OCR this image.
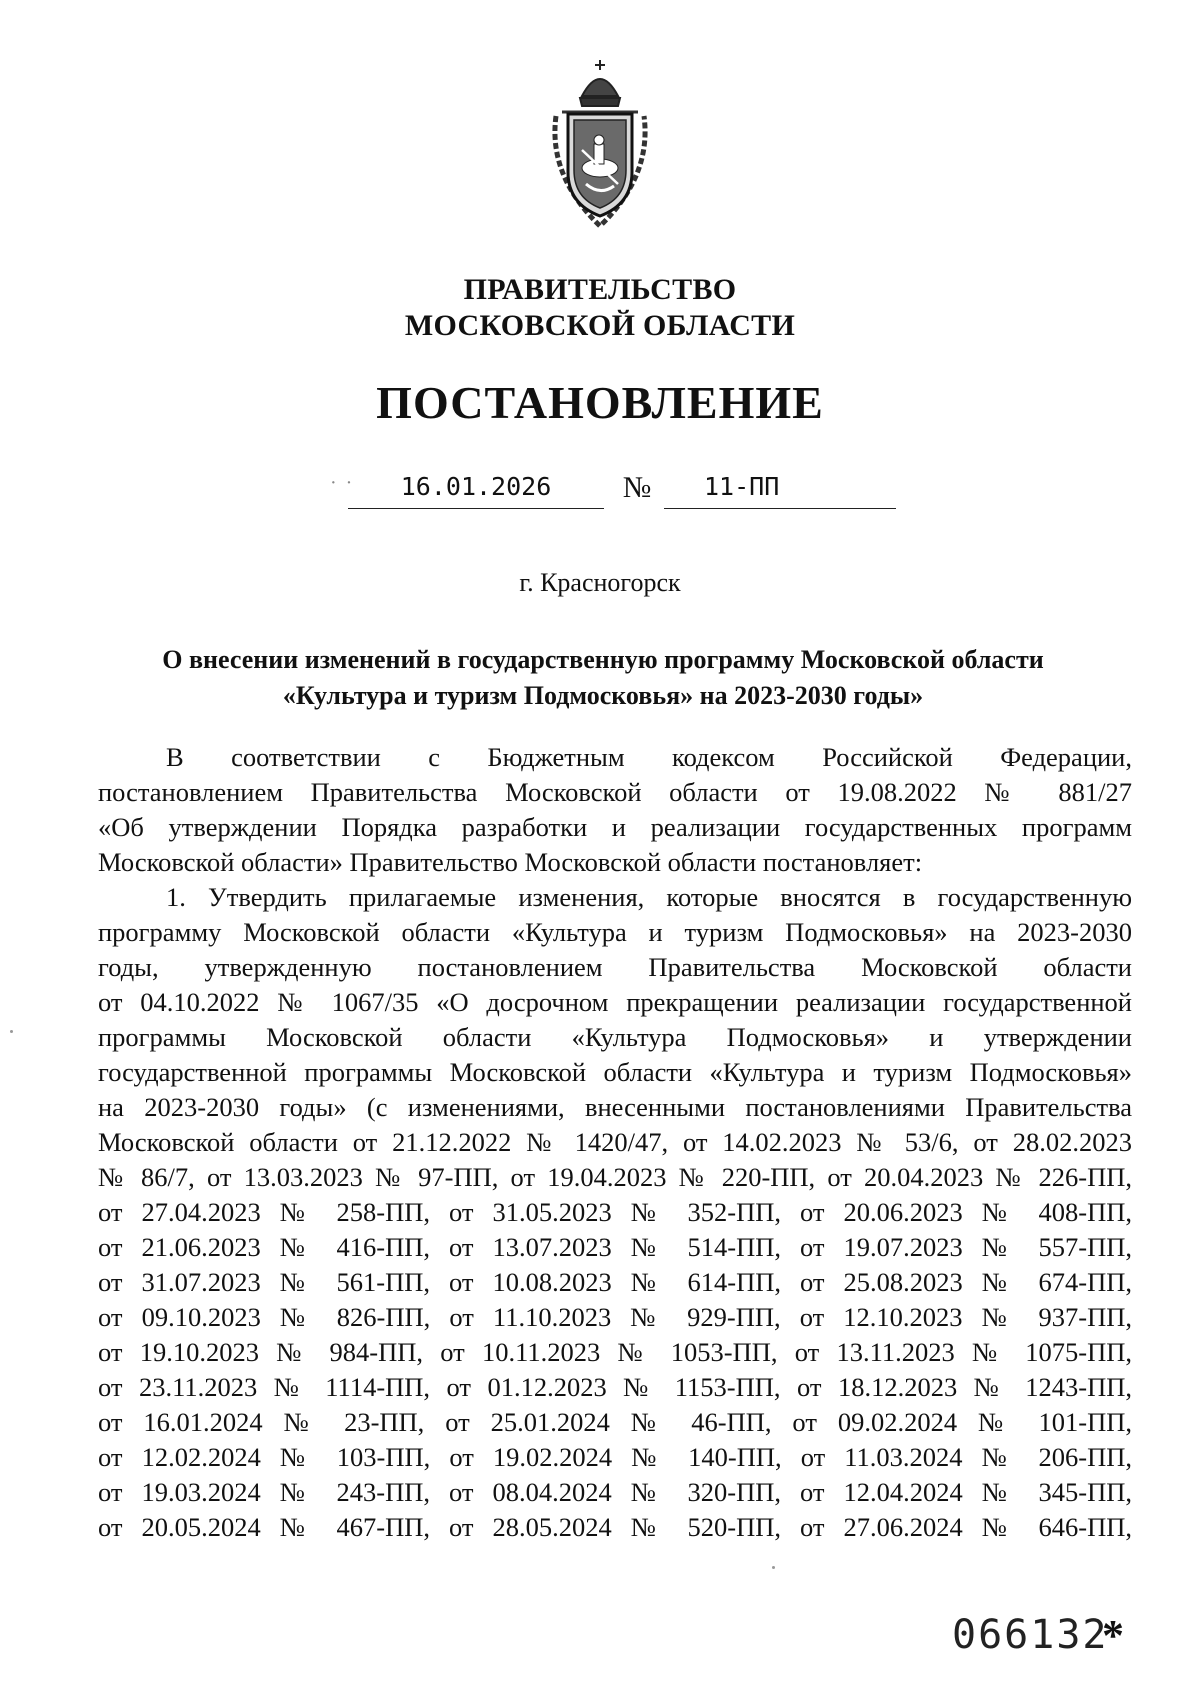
ПРАВИТЕЛЬСТВО
МОСКОВСКОЙ ОБЛАСТИ
ПОСТАНОВЛЕНИЕ
· ·	16.01.2026	№	11-ПП
г. Красногорск
О внесении изменений в государственную программу Московской области
«Культура и туризм Подмосковья» на 2023-2030 годы»
В соответствии с Бюджетным кодексом Российской Федерации,
постановлением Правительства Московской области от 19.08.2022 № 881/27
«Об утверждении Порядка разработки и реализации государственных программ
Московской области» Правительство Московской области постановляет:
1. Утвердить прилагаемые изменения, которые вносятся в государственную
программу Московской области «Культура и туризм Подмосковья» на 2023-2030
годы, утвержденную постановлением Правительства Московской области
от 04.10.2022 № 1067/35 «О досрочном прекращении реализации государственной
программы Московской области «Культура Подмосковья» и утверждении
государственной программы Московской области «Культура и туризм Подмосковья»
на 2023-2030 годы» (с изменениями, внесенными постановлениями Правительства
Московской области от 21.12.2022 № 1420/47, от 14.02.2023 № 53/6, от 28.02.2023
№ 86/7, от 13.03.2023 № 97-ПП, от 19.04.2023 № 220-ПП, от 20.04.2023 № 226-ПП,
от 27.04.2023 № 258-ПП, от 31.05.2023 № 352-ПП, от 20.06.2023 № 408-ПП,
от 21.06.2023 № 416-ПП, от 13.07.2023 № 514-ПП, от 19.07.2023 № 557-ПП,
от 31.07.2023 № 561-ПП, от 10.08.2023 № 614-ПП, от 25.08.2023 № 674-ПП,
от 09.10.2023 № 826-ПП, от 11.10.2023 № 929-ПП, от 12.10.2023 № 937-ПП,
от 19.10.2023 № 984-ПП, от 10.11.2023 № 1053-ПП, от 13.11.2023 № 1075-ПП,
от 23.11.2023 № 1114-ПП, от 01.12.2023 № 1153-ПП, от 18.12.2023 № 1243-ПП,
от 16.01.2024 № 23-ПП, от 25.01.2024 № 46-ПП, от 09.02.2024 № 101-ПП,
от 12.02.2024 № 103-ПП, от 19.02.2024 № 140-ПП, от 11.03.2024 № 206-ПП,
от 19.03.2024 № 243-ПП, от 08.04.2024 № 320-ПП, от 12.04.2024 № 345-ПП,
от 20.05.2024 № 467-ПП, от 28.05.2024 № 520-ПП, от 27.06.2024 № 646-ПП,
066132
*
